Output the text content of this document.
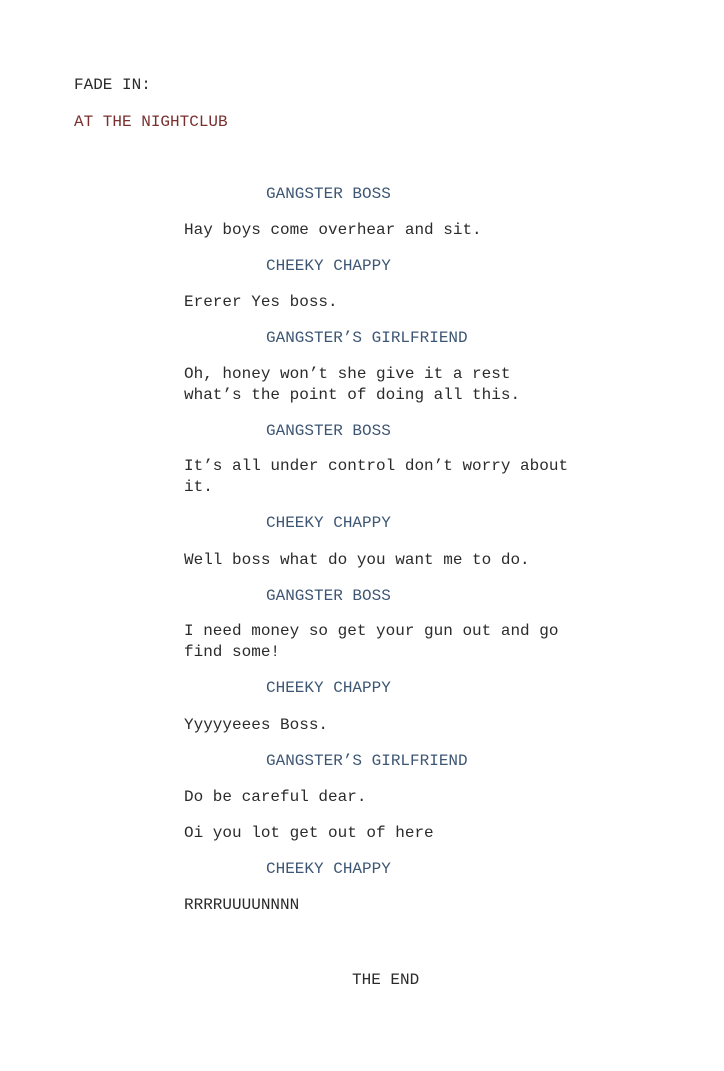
FADE IN:
AT THE NIGHTCLUB
GANGSTER BOSS
Hay boys come overhear and sit.
CHEEKY CHAPPY
Ererer Yes boss.
GANGSTER’S GIRLFRIEND
Oh, honey won’t she give it a rest
what’s the point of doing all this.
GANGSTER BOSS
It’s all under control don’t worry about
it.
CHEEKY CHAPPY
Well boss what do you want me to do.
GANGSTER BOSS
I need money so get your gun out and go
find some!
CHEEKY CHAPPY
Yyyyyeees Boss.
GANGSTER’S GIRLFRIEND
Do be careful dear.
Oi you lot get out of here
CHEEKY CHAPPY
RRRRUUUUNNNN
THE END
